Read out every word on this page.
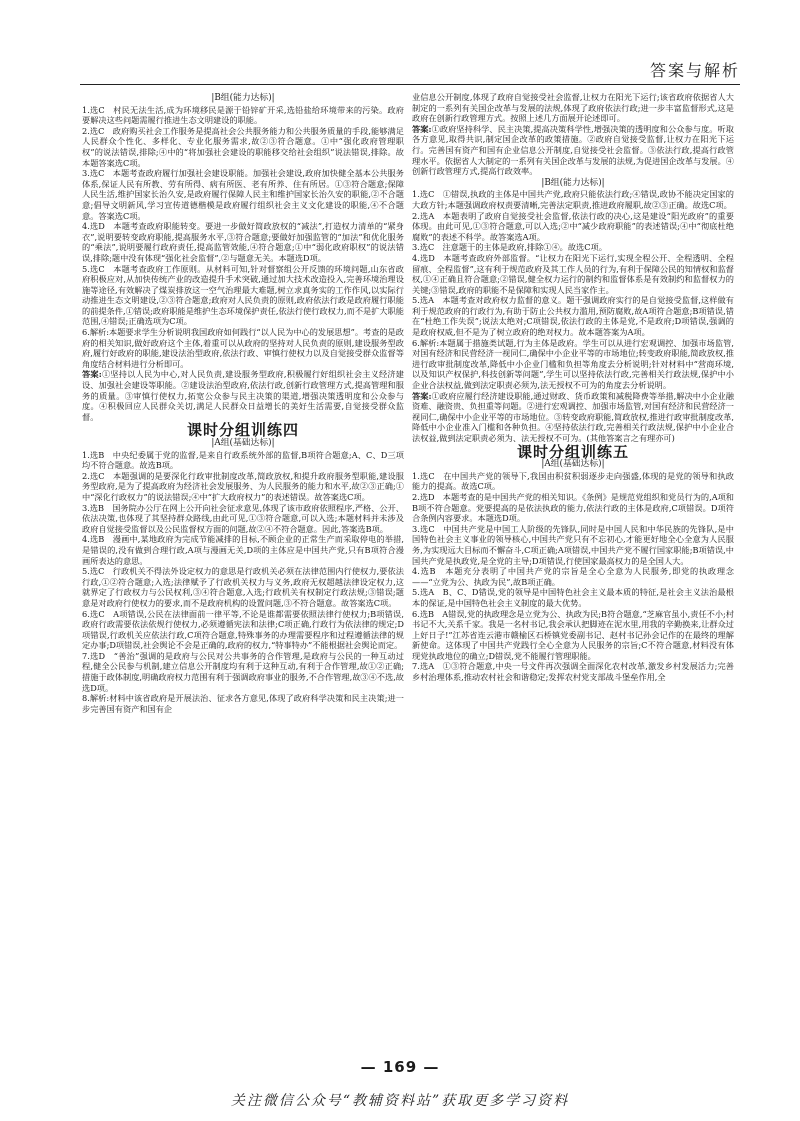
答案与解析
|B组(能力达标)|

1.选C　村民无法生活,成为环境移民是源于铅锌矿开采,选铅盐给环境带来的污染。政府要解决这些问题需履行推进生态文明建设的职能。

2.选C　政府购买社会工作服务是提高社会公共服务能力和公共服务质量的手段,能够满足人民群众个性化、多样化、专业化服务需求,故②③符合题意。①中“强化政府管理职权”的说法错误,排除;④中的“将加强社会建设的职能移交给社会组织”说法错误,排除。故本题答案选C项。

3.选C　本题考查政府履行加强社会建设职能。加强社会建设,政府加快健全基本公共服务体系,保证人民有所教、劳有所得、病有所医、老有所养、住有所居。①③符合题意;保障人民生活,维护国家长治久安,是政府履行保障人民主和维护国家长治久安的职能,②不合题意;倡导文明新风,学习宣传道德楷模是政府履行组织社会主义文化建设的职能,④不合题意。答案选C项。

4.选D　本题考查政府职能转变。要进一步做好简政放权的“减法”,打造权力清单的“紧身衣”,说明要转变政府职能,提高服务水平,③符合题意;要做好加强监管的“加法”和优化服务的“乘法”,说明要履行政府责任,提高监管效能,④符合题意;①中“弱化政府职权”的说法错误,排除;题中没有体现“强化社会监督”,②与题意无关。本题选D项。

5.选C　本题考查政府工作原则。从材料可知,针对督察组公开反馈的环境问题,山东省政府积极应对,从加快传统产业的改造提升手术突破,通过加大技术改造投入,完善环境治理设施等途径,有效解决了煤炭排放这一空气治理最大难题,树立求真务实的工作作风,以实际行动推进生态文明建设,②③符合题意;政府对人民负责的原则,政府依法行政是政府履行职能的前提条件,①错误;政府职能是维护生态环境保护责任,依法行使行政权力,而不是扩大职能范围,④错误;正确选项为C项。

6.解析:本题要求学生分析说明我国政府如何践行“以人民为中心的发展思想”。考查的是政府的相关知识,做好政府这个主体,着重可以从政府的坚持对人民负责的原则,建设服务型政府,履行好政府的职能,建设法治型政府,依法行政、审慎行使权力以及自觉接受群众监督等角度结合材料进行分析即可。

答案:①坚持以人民为中心,对人民负责,建设服务型政府,积极履行好组织社会主义经济建设、加强社会建设等职能。②建设法治型政府,依法行政,创新行政管理方式,提高管理和服务的质量。③审慎行使权力,拓宽公众参与民主决策的渠道,增强决策透明度和公众参与度。④积极回应人民群众关切,满足人民群众日益增长的美好生活需要,自觉接受群众监督。

课时分组训练四
|A组(基础达标)|

1.选B　中央纪委属于党的监督,是来自行政系统外部的监督,B项符合题意;A、C、D三项均不符合题意。故选B项。

2.选C　本题强调的是要深化行政审批制度改革,简政放权,和提升政府服务型职能,建设服务型政府,是为了提高政府为经济社会发展服务、为人民服务的能力和水平,故②③正确;①中“深化行政权力”的说法错误;④中“扩大政府权力”的表述错误。故答案选C项。

3.选B　国务院办公厅在网上公开向社会征求意见,体现了该市政府依照程序,严格、公开、依法决策,也体现了其坚持群众路线,由此可见,①③符合题意,可以入选;本题材料并未涉及政府自觉接受监督以及公民监督权方面的问题,故②④不符合题意。因此,答案选B项。

4.选B　漫画中,某地政府为完成节能减排的目标,不顾企业的正常生产而采取停电的举措,是错误的,没有做到合理行政,A项与漫画无关,D项的主体应是中国共产党,只有B项符合漫画所表达的意思。

5.选C　行政机关不得法外设定权力的意思是行政机关必须在法律范围内行使权力,要依法行政,①②符合题意;入选;法律赋予了行政机关权力与义务,政府无权超越法律设定权力,这就界定了行政权力与公民权利,③④符合题意,入选;行政机关有权制定行政法规;③错误;题意是对政府行使权力的要求,而不是政府机构的设置问题,③不符合题意。故答案选C项。

6.选C　A项错误,公民在法律面前一律平等,不论是谁都需要依照法律行使权力;B项错误,政府行政需要依法依规行使权力,必须遵循宪法和法律;C项正确,行政行为依法律的规定;D项错误,行政机关应依法行政,C项符合题意,特殊事务的办理需要程序和过程遵循法律的规定办事;D项错误,社会舆论不会是正确的,政府的权力,“特事特办”不能根据社会舆论而定。

7.选D　“善治”强调的是政府与公民对公共事务的合作管理,是政府与公民的一种互动过程,健全公民参与机制,建立信息公开制度均有利于这种互动,有利于合作管理,故①②正确;措施于政体制度,明确政府权力范围有利于强调政府事业的服务,不合作管理,故③④不选,故选D项。

8.解析:材料中该省政府是开展法治、征求各方意见,体现了政府科学决策和民主决策;进一步完善国有资产和国有企

业信息公开制度,体现了政府自觉接受社会监督,让权力在阳光下运行;该省政府依据省人大制定的一系列有关国企改革与发展的法规,体现了政府依法行政;进一步丰富监督形式,这是政府在创新行政管理方式。按照上述几方面展开论述即可。

答案:①政府坚持科学、民主决策,提高决策科学性,增强决策的透明度和公众参与度。听取各方意见,取得共识,制定国企改革的政策措施。②政府自觉接受监督,让权力在阳光下运行。完善国有资产和国有企业信息公开制度,自觉接受社会监督。③依法行政,提高行政管理水平。依据省人大制定的一系列有关国企改革与发展的法规,为促进国企改革与发展。④创新行政管理方式,提高行政效率。

|B组(能力达标)|

1.选C　①错误,执政的主体是中国共产党,政府只能依法行政;④错误,政协不能决定国家的大政方针;本题强调政府权责要清晰,完善法定职责,推进政府履职,故②③正确。故选C项。

2.选A　本题表明了政府自觉接受社会监督,依法行政的决心,这是建设“阳光政府”的重要体现。由此可见,①③符合题意,可以入选;②中“减少政府职能”的表述错误;④中“彻底杜绝腐败”的表述不科学。故答案选A项。

3.选C　注意题干的主体是政府,排除①④。故选C项。

4.选D　本题考查政府外部监督。“让权力在阳光下运行,实现全程公开、全程透明、全程留痕、全程监督”,这有利于规范政府及其工作人员的行为,有利于保障公民的知情权和监督权,①④正确且符合题意;②错误,健全权力运行的制约和监督体系是有效制约和监督权力的关键;③错误,政府的职能不是保障和实现人民当家作主。

5.选A　本题考查对政府权力监督的意义。题干强调政府实行的是自觉接受监督,这样做有利于规范政府的行政行为,有助于防止公共权力滥用,预防腐败,故A项符合题意;B项错误,错在“杜绝工作失误”;说法太绝对;C项错误,依法行政的主体是党,不是政府;D项错误,强调的是政府权威,但不是为了树立政府的绝对权力。故本题答案为A项。

6.解析:本题属于措施类试题,行为主体是政府。学生可以从进行宏观调控、加强市场监管,对国有经济和民营经济一视同仁,确保中小企业平等的市场地位;转变政府职能,简政放权,推进行政审批制度改革,降低中小企业门槛和负担等角度去分析说明;针对材料中“营商环境,以及知识产权保护,科技创新等问题”,学生可以坚持依法行政,完善相关行政法规,保护中小企业合法权益,做到法定职责必须为,法无授权不可为的角度去分析说明。

答案:①政府应履行经济建设职能,通过财政、货币政策和减税降费等举措,解决中小企业融资难、融资贵、负担重等问题。②进行宏观调控、加强市场监管,对国有经济和民营经济一视同仁,确保中小企业平等的市场地位。③转变政府职能,简政放权,推进行政审批制度改革,降低中小企业准入门槛和各种负担。④坚持依法行政,完善相关行政法规,保护中小企业合法权益,做到法定职责必须为、法无授权不可为。(其他答案言之有理亦可)

课时分组训练五
|A组(基础达标)|

1.选C　在中国共产党的领导下,我国由积贫积弱逐步走向强盛,体现的是党的领导和执政能力的提高。故选C项。

2.选D　本题考查的是中国共产党的相关知识。《条例》是规范党组织和党员行为的,A项和B项不符合题意。党要提高的是依法执政的能力,依法行政的主体是政府,C项错误。D项符合条例内容要求。本题选D项。

3.选C　中国共产党是中国工人阶级的先锋队,同时是中国人民和中华民族的先锋队,是中国特色社会主义事业的领导核心,中国共产党只有不忘初心,才能更好地全心全意为人民服务,为实现远大目标而不懈奋斗,C项正确;A项错误,中国共产党不履行国家职能;B项错误,中国共产党是执政党,是全党的主导;D项错误,行使国家最高权力的是全国人大。

4.选B　本题充分表明了中国共产党的宗旨是全心全意为人民服务,即党的执政理念——“立党为公、执政为民”,故B项正确。

5.选A　B、C、D错误,党的领导是中国特色社会主义最本质的特征,是社会主义法治最根本的保证,是中国特色社会主义制度的最大优势。

6.选B　A错误,党的执政理念是立党为公、执政为民;B符合题意,“芝麻官虽小,责任不小;村书记不大,关系千家。我是一名村书记,我会承认把脚迹在泥水里,用我的辛勤换来,让群众过上好日子!”江苏省连云港市赣榆区石桥镇党委副书记、赵村书记孙会记作的在最终的理解新使命。这体现了中国共产党践行全心全意为人民服务的宗旨;C不符合题意,材料没有体现党执政地位的确立;D错误,党不能履行管理职能。

7.选A　①③符合题意,中央一号文件再次强调全面深化农村改革,激发乡村发展活力;完善乡村治理体系,推动农村社会和谐稳定;发挥农村党支部战斗堡垒作用,全

— 169 —
关注微信公众号“教辅资料站”获取更多学习资料
